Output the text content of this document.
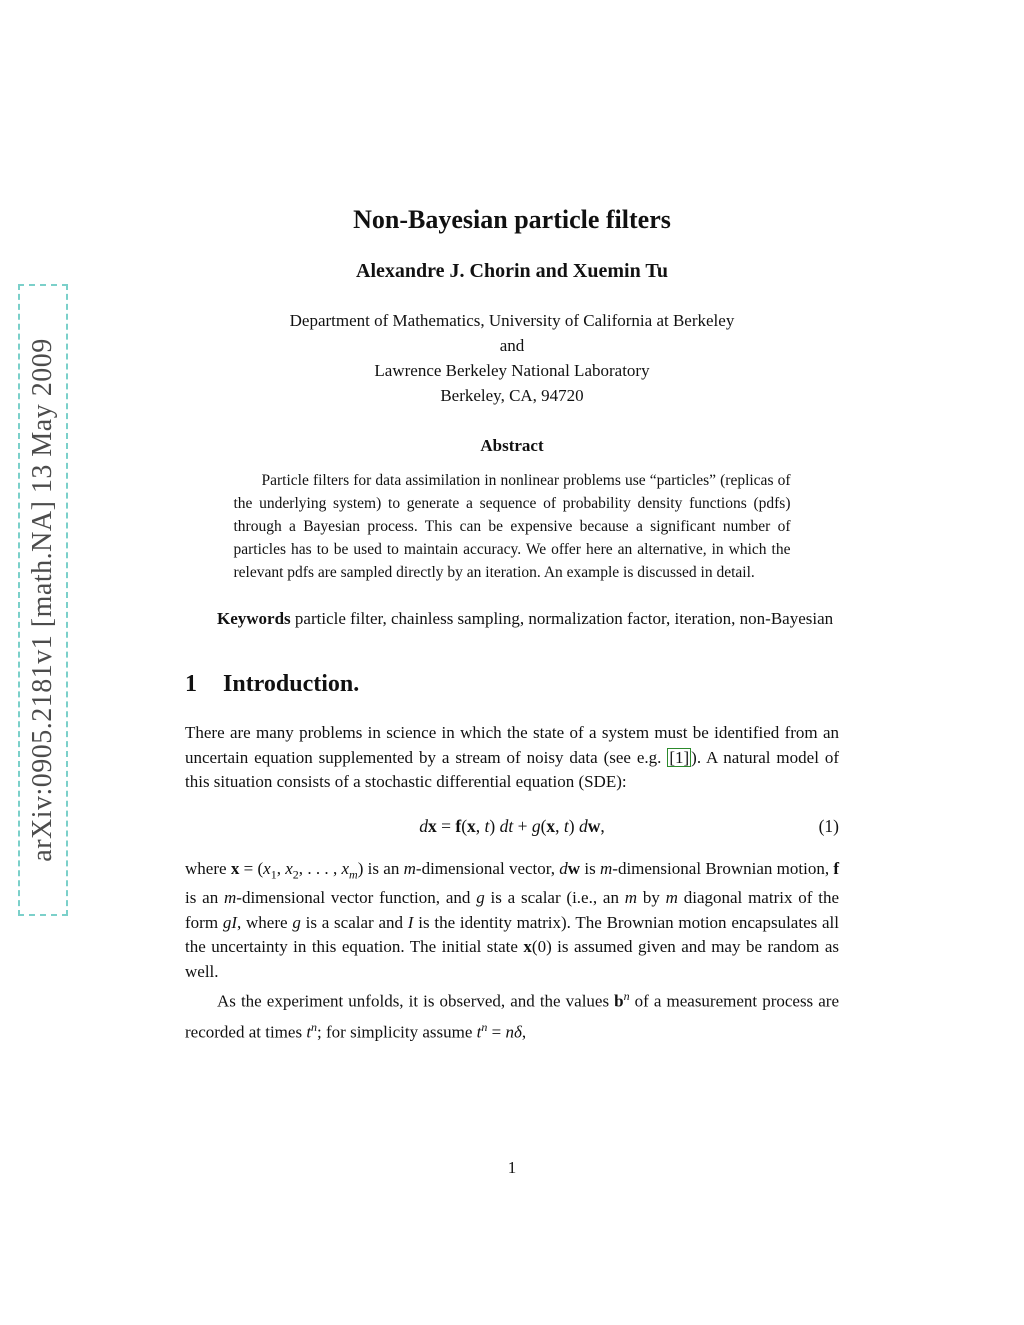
arXiv:0905.2181v1 [math.NA] 13 May 2009
Non-Bayesian particle filters
Alexandre J. Chorin and Xuemin Tu
Department of Mathematics, University of California at Berkeley
and
Lawrence Berkeley National Laboratory
Berkeley, CA, 94720
Abstract

Particle filters for data assimilation in nonlinear problems use “particles” (replicas of the underlying system) to generate a sequence of probability density functions (pdfs) through a Bayesian process. This can be expensive because a significant number of particles has to be used to maintain accuracy. We offer here an alternative, in which the relevant pdfs are sampled directly by an iteration. An example is discussed in detail.

Keywords particle filter, chainless sampling, normalization factor, iteration, non-Bayesian

1 Introduction.

There are many problems in science in which the state of a system must be identified from an uncertain equation supplemented by a stream of noisy data (see e.g. [1] ). A natural model of this situation consists of a stochastic differential equation (SDE):

dx = f(x, t) dt + g(x, t) dw,	(1)

where $x = (x_1$, $x_2$, . . . , $x_m$) is an m-dimensional vector, dw is m-dimensional Brownian motion, f is an m-dimensional vector function, and g is a scalar (i.e., an m by m diagonal matrix of the form gI, where g is a scalar and I is the identity matrix). The Brownian motion encapsulates all the uncertainty in this equation. The initial state x(0) is assumed given and may be random as well.

As the experiment unfolds, it is observed, and the values $b^n$ of a measurement process are recorded at times $t^n$; for simplicity assume $t^n = n\delta$,

1
